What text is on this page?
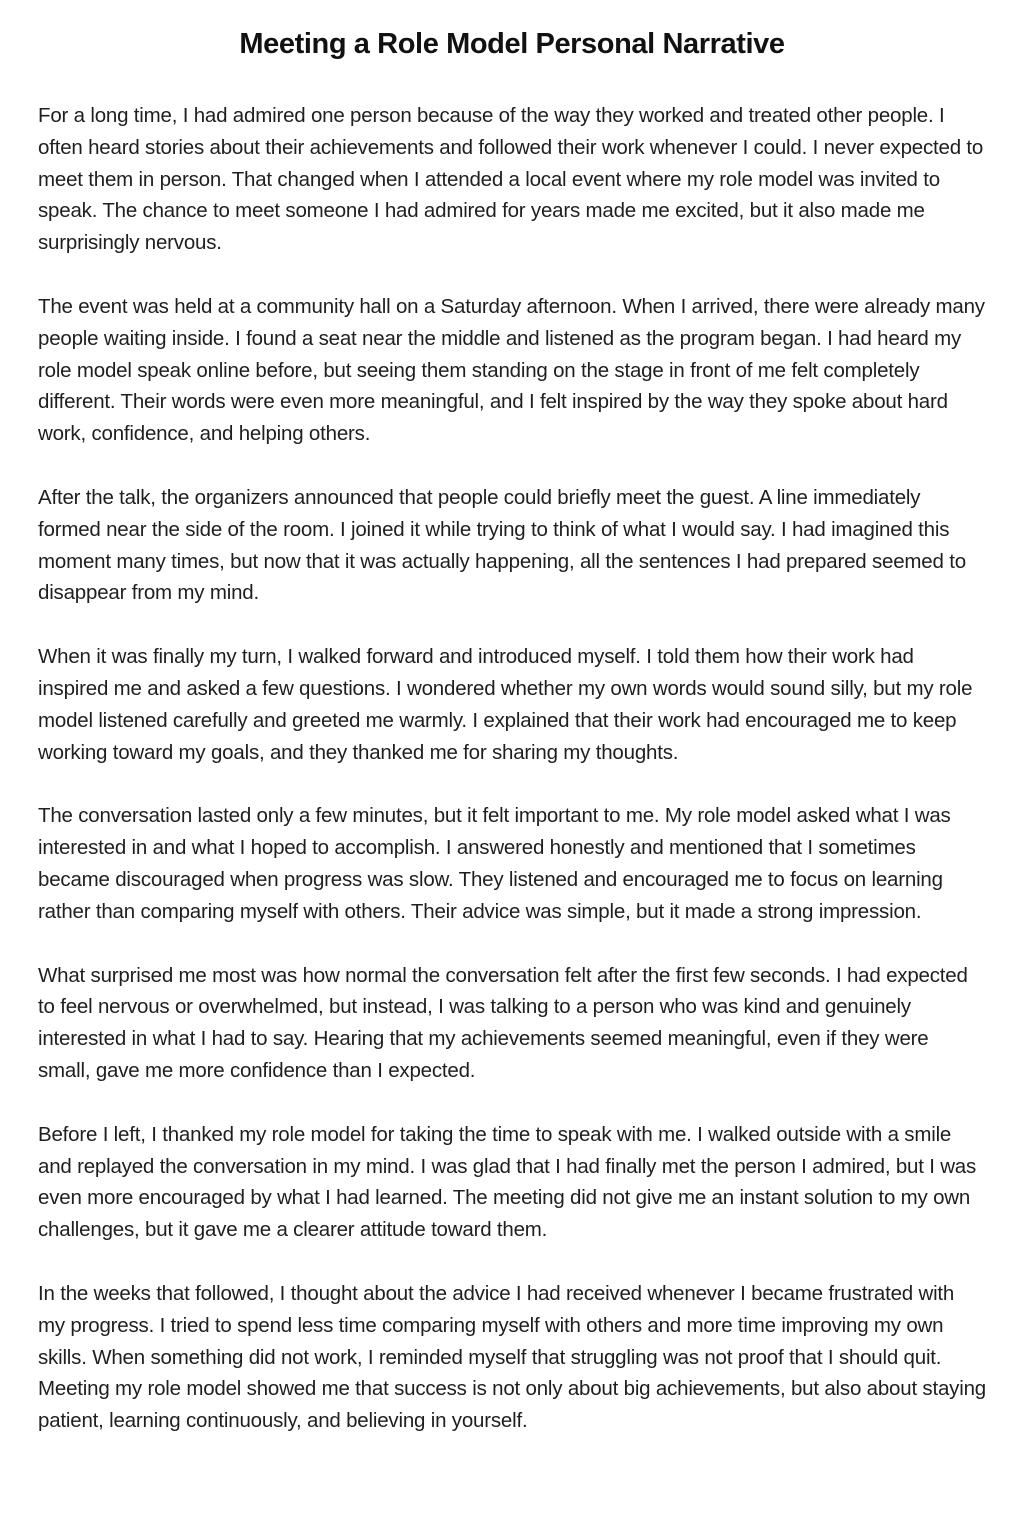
Meeting a Role Model Personal Narrative

For a long time, I had admired one person because of the way they worked and treated other people. I often heard stories about their achievements and followed their work whenever I could. I never expected to meet them in person. That changed when I attended a local event where my role model was invited to speak. The chance to meet someone I had admired for years made me excited, but it also made me surprisingly nervous.

The event was held at a community hall on a Saturday afternoon. When I arrived, there were already many people waiting inside. I found a seat near the middle and listened as the program began. I had heard my role model speak online before, but seeing them standing on the stage in front of me felt completely different. Their words were even more meaningful, and I felt inspired by the way they spoke about hard work, confidence, and helping others.

After the talk, the organizers announced that people could briefly meet the guest. A line immediately formed near the side of the room. I joined it while trying to think of what I would say. I had imagined this moment many times, but now that it was actually happening, all the sentences I had prepared seemed to disappear from my mind.

When it was finally my turn, I walked forward and introduced myself. I told them how their work had inspired me and asked a few questions. I wondered whether my own words would sound silly, but my role model listened carefully and greeted me warmly. I explained that their work had encouraged me to keep working toward my goals, and they thanked me for sharing my thoughts.

The conversation lasted only a few minutes, but it felt important to me. My role model asked what I was interested in and what I hoped to accomplish. I answered honestly and mentioned that I sometimes became discouraged when progress was slow. They listened and encouraged me to focus on learning rather than comparing myself with others. Their advice was simple, but it made a strong impression.

What surprised me most was how normal the conversation felt after the first few seconds. I had expected to feel nervous or overwhelmed, but instead, I was talking to a person who was kind and genuinely interested in what I had to say. Hearing that my achievements seemed meaningful, even if they were small, gave me more confidence than I expected.

Before I left, I thanked my role model for taking the time to speak with me. I walked outside with a smile and replayed the conversation in my mind. I was glad that I had finally met the person I admired, but I was even more encouraged by what I had learned. The meeting did not give me an instant solution to my own challenges, but it gave me a clearer attitude toward them.

In the weeks that followed, I thought about the advice I had received whenever I became frustrated with my progress. I tried to spend less time comparing myself with others and more time improving my own skills. When something did not work, I reminded myself that struggling was not proof that I should quit. Meeting my role model showed me that success is not only about big achievements, but also about staying patient, learning continuously, and believing in yourself.
